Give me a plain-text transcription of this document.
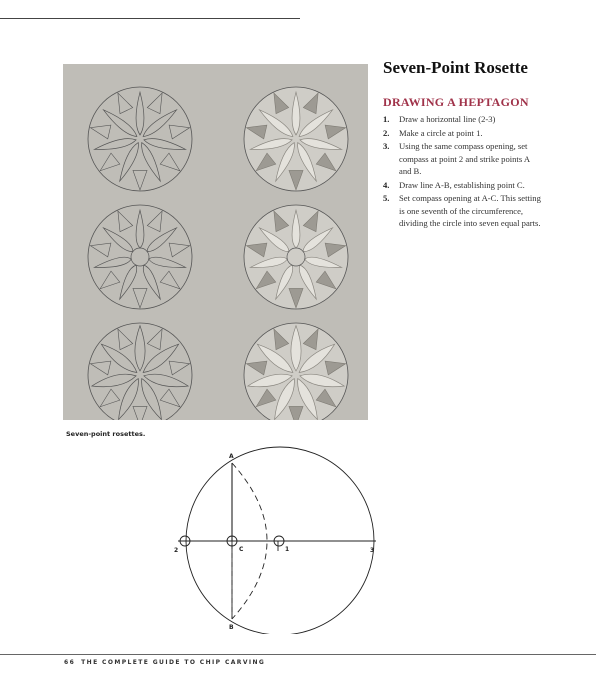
Seven-point rosettes.
Seven-Point Rosette
DRAWING A HEPTAGON
1. Draw a horizontal line (2-3)
2. Make a circle at point 1.
3. Using the same compass opening, set compass at point 2 and strike points A and B.
4. Draw line A-B, establishing point C.
5. Set compass opening at A-C. This setting is one seventh of the circumference, dividing the circle into seven equal parts.
A
B
C	1
2	3
66 THE COMPLETE GUIDE TO CHIP CARVING
